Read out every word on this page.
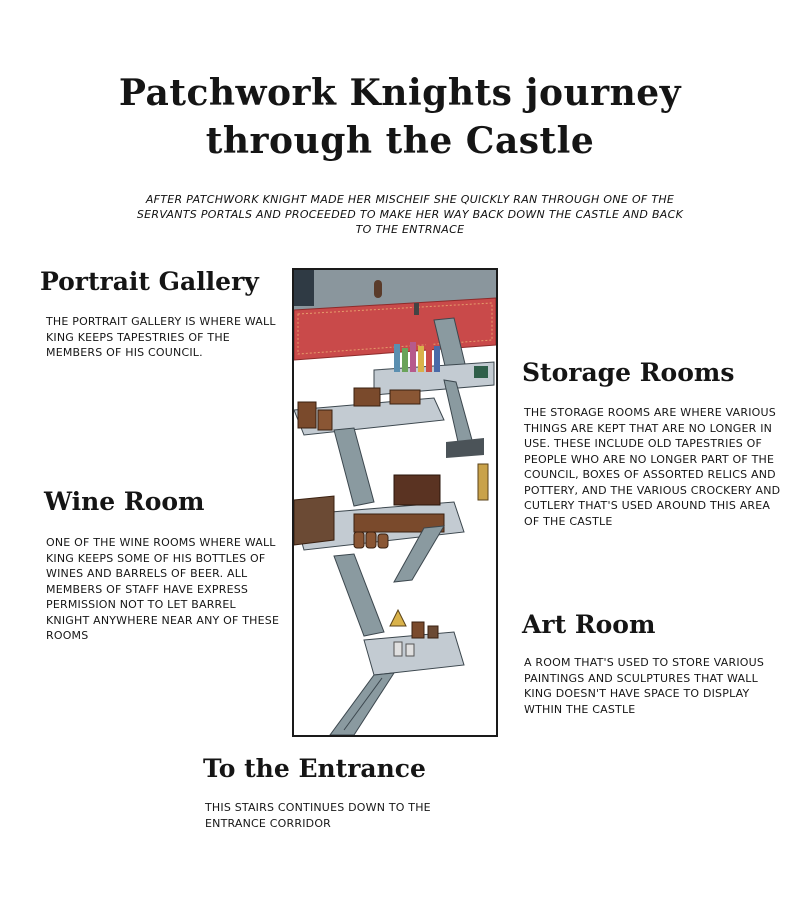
Patchwork Knights journey
through the Castle
AFTER PATCHWORK KNIGHT MADE HER MISCHEIF SHE QUICKLY RAN THROUGH ONE OF THE SERVANTS PORTALS AND PROCEEDED TO MAKE HER WAY BACK DOWN THE CASTLE AND BACK TO THE ENTRNACE
Portrait Gallery
THE PORTRAIT GALLERY IS WHERE WALL KING KEEPS TAPESTRIES OF THE MEMBERS OF HIS COUNCIL.
Storage Rooms
THE STORAGE ROOMS ARE WHERE VARIOUS THINGS ARE KEPT THAT ARE NO LONGER IN USE. THESE INCLUDE OLD TAPESTRIES OF PEOPLE WHO ARE NO LONGER PART OF THE COUNCIL, BOXES OF ASSORTED RELICS AND POTTERY, AND THE VARIOUS CROCKERY AND CUTLERY THAT'S USED AROUND THIS AREA OF THE CASTLE
Wine Room
ONE OF THE WINE ROOMS WHERE WALL KING KEEPS SOME OF HIS BOTTLES OF WINES AND BARRELS OF BEER. ALL MEMBERS OF STAFF HAVE EXPRESS PERMISSION NOT TO LET BARREL KNIGHT ANYWHERE NEAR ANY OF THESE ROOMS	Art Room
A ROOM THAT'S USED TO STORE VARIOUS PAINTINGS AND SCULPTURES THAT WALL KING DOESN'T HAVE SPACE TO DISPLAY WTHIN THE CASTLE
To the Entrance
THIS STAIRS CONTINUES DOWN TO THE ENTRANCE CORRIDOR
